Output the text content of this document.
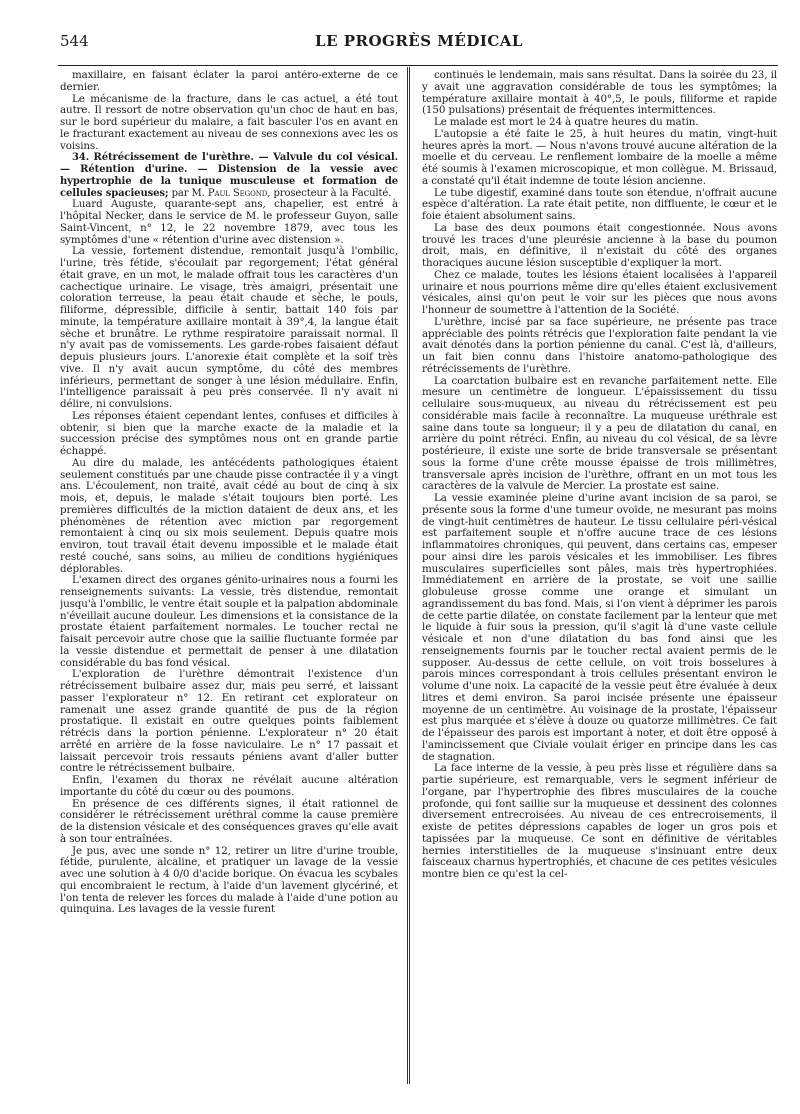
544	LE PROGRÈS MÉDICAL

maxillaire, en faisant éclater la paroi antéro-externe de ce dernier.

Le mécanisme de la fracture, dans le cas actuel, a été tout autre. Il ressort de notre observation qu'un choc de haut en bas, sur le bord supérieur du malaire, a fait basculer l'os en avant en le fracturant exactement au niveau de ses connexions avec les os voisins.

34. Rétrécissement de l'urèthre. — Valvule du col vésical. — Rétention d'urine. — Distension de la vessie avec hypertrophie de la tunique musculeuse et formation de cellules spacieuses; par M. Paul Segond, prosecteur à la Faculté.

Luard Auguste, quarante-sept ans, chapelier, est entré à l'hôpital Necker, dans le service de M. le professeur Guyon, salle Saint-Vincent, n° 12, le 22 novembre 1879, avec tous les symptômes d'une « rétention d'urine avec distension ».

La vessie, fortement distendue, remontait jusqu'à l'ombilic, l'urine, très fétide, s'écoulait par regorgement; l'état général était grave, en un mot, le malade offrait tous les caractères d'un cachectique urinaire. Le visage, très amaigri, présentait une coloration terreuse, la peau était chaude et sèche, le pouls, filiforme, dépressible, difficile à sentir, battait 140 fois par minute, la température axillaire montait à 39°,4, la langue était sèche et brunâtre. Le rythme respiratoire paraissait normal. Il n'y avait pas de vomissements. Les garde-robes faisaient défaut depuis plusieurs jours. L'anorexie était complète et la soif très vive. Il n'y avait aucun symptôme, du côté des membres inférieurs, permettant de songer à une lésion médullaire. Enfin, l'intelligence paraissait à peu près conservée. Il n'y avait ni délire, ni convulsions.

Les réponses étaient cependant lentes, confuses et difficiles à obtenir, si bien que la marche exacte de la maladie et la succession précise des symptômes nous ont en grande partie échappé.

Au dire du malade, les antécédents pathologiques étaient seulement constitués par une chaude pisse contractée il y a vingt ans. L'écoulement, non traité, avait cédé au bout de cinq à six mois, et, depuis, le malade s'était toujours bien porté. Les premières difficultés de la miction dataient de deux ans, et les phénomènes de rétention avec miction par regorgement remontaient à cinq ou six mois seulement. Depuis quatre mois environ, tout travail était devenu impossible et le malade était resté couché, sans soins, au milieu de conditions hygiéniques déplorables.

L'examen direct des organes génito-urinaires nous a fourni les renseignements suivants: La vessie, très distendue, remontait jusqu'à l'ombilic, le ventre était souple et la palpation abdominale n'éveillait aucune douleur. Les dimensions et la consistance de la prostate étaient parfaitement normales. Le toucher rectal ne faisait percevoir autre chose que la saillie fluctuante formée par la vessie distendue et permettait de penser à une dilatation considérable du bas fond vésical.

L'exploration de l'urèthre démontrait l'existence d'un rétrécissement bulbaire assez dur, mais peu serré, et laissant passer l'explorateur n° 12. En retirant cet explorateur on ramenait une assez grande quantité de pus de la région prostatique. Il existait en outre quelques points faiblement rétrécis dans la portion pénienne. L'explorateur n° 20 était arrêté en arrière de la fosse naviculaire. Le n° 17 passait et laissait percevoir trois ressauts péniens avant d'aller butter contre le rétrécissement bulbaire.

Enfin, l'examen du thorax ne révélait aucune altération importante du côté du cœur ou des poumons.

En présence de ces différents signes, il était rationnel de considérer le rétrécissement uréthral comme la cause première de la distension vésicale et des conséquences graves qu'elle avait à son tour entraînées.

Je pus, avec une sonde n° 12, retirer un litre d'urine trouble, fétide, purulente, alcaline, et pratiquer un lavage de la vessie avec une solution à 4 0/0 d'acide borique. On évacua les scybales qui encombraient le rectum, à l'aide d'un lavement glycériné, et l'on tenta de relever les forces du malade à l'aide d'une potion au quinquina. Les lavages de la vessie furent

continués le lendemain, mais sans résultat. Dans la soirée du 23, il y avait une aggravation considérable de tous les symptômes; la température axillaire montait à 40°,5, le pouls, filiforme et rapide (150 pulsations) présentait de fréquentes intermittences.

Le malade est mort le 24 à quatre heures du matin.

L'autopsie a été faite le 25, à huit heures du matin, vingt-huit heures après la mort. — Nous n'avons trouvé aucune altération de la moelle et du cerveau. Le renflement lombaire de la moelle a même été soumis à l'examen microscopique, et mon collègue. M. Brissaud, a constaté qu'il était indemne de toute lésion ancienne.

Le tube digestif, examiné dans toute son étendue, n'offrait aucune espèce d'altération. La rate était petite, non diffluente, le cœur et le foie étaient absolument sains.

La base des deux poumons était congestionnée. Nous avons trouvé les traces d'une pleurésie ancienne à la base du poumon droit, mais, en définitive, il n'existait du côté des organes thoraciques aucune lésion susceptible d'expliquer la mort.

Chez ce malade, toutes les lésions étaient localisées à l'appareil urinaire et nous pourrions même dire qu'elles étaient exclusivement vésicales, ainsi qu'on peut le voir sur les pièces que nous avons l'honneur de soumettre à l'attention de la Société.

L'urèthre, incisé par sa face supérieure, ne présente pas trace appréciable des points rétrécis que l'exploration faite pendant la vie avait dénotés dans la portion pénienne du canal. C'est là, d'ailleurs, un fait bien connu dans l'histoire anatomo-pathologique des rétrécissements de l'urèthre.

La coarctation bulbaire est en revanche parfaitement nette. Elle mesure un centimètre de longueur. L'épaississement du tissu cellulaire sous-muqueux, au niveau du rétrécissement est peu considérable mais facile à reconnaître. La muqueuse uréthrale est saine dans toute sa longueur; il y a peu de dilatation du canal, en arrière du point rétréci. Enfin, au niveau du col vésical, de sa lèvre postérieure, il existe une sorte de bride transversale se présentant sous la forme d'une crête mousse épaisse de trois millimètres, transversale après incision de l'urèthre, offrant en un mot tous les caractères de la valvule de Mercier. La prostate est saine.

La vessie examinée pleine d'urine avant incision de sa paroi, se présente sous la forme d'une tumeur ovoïde, ne mesurant pas moins de vingt-huit centimètres de hauteur. Le tissu cellulaire péri-vésical est parfaitement souple et n'offre aucune trace de ces lésions inflammatoires chroniques, qui peuvent, dans certains cas, empeser pour ainsi dire les parois vésicales et les immobiliser. Les fibres musculaires superficielles sont pâles, mais très hypertrophiées. Immédiatement en arrière de la prostate, se voit une saillie globuleuse grosse comme une orange et simulant un agrandissement du bas fond. Mais, si l'on vient à déprimer les parois de cette partie dilatée, on constate facilement par la lenteur que met le liquide à fuir sous la pression, qu'il s'agit là d'une vaste cellule vésicale et non d'une dilatation du bas fond ainsi que les renseignements fournis par le toucher rectal avaient permis de le supposer. Au-dessus de cette cellule, on voit trois bosselures à parois minces correspondant à trois cellules présentant environ le volume d'une noix. La capacité de la vessie peut être évaluée à deux litres et demi environ. Sa paroi incisée présente une épaisseur moyenne de un centimètre. Au voisinage de la prostate, l'épaisseur est plus marquée et s'élève à douze ou quatorze millimètres. Ce fait de l'épaisseur des parois est important à noter, et doit être opposé à l'amincissement que Civiale voulait ériger en principe dans les cas de stagnation.

La face interne de la vessie, à peu près lisse et régulière dans sa partie supérieure, est remarquable, vers le segment inférieur de l'organe, par l'hypertrophie des fibres musculaires de la couche profonde, qui font saillie sur la muqueuse et dessinent des colonnes diversement entrecroisées. Au niveau de ces entrecroisements, il existe de petites dépressions capables de loger un gros pois et tapissées par la muqueuse. Ce sont en définitive de véritables hernies interstitielles de la muqueuse s'insinuant entre deux faisceaux charnus hypertrophiés, et chacune de ces petites vésicules montre bien ce qu'est la cel-
